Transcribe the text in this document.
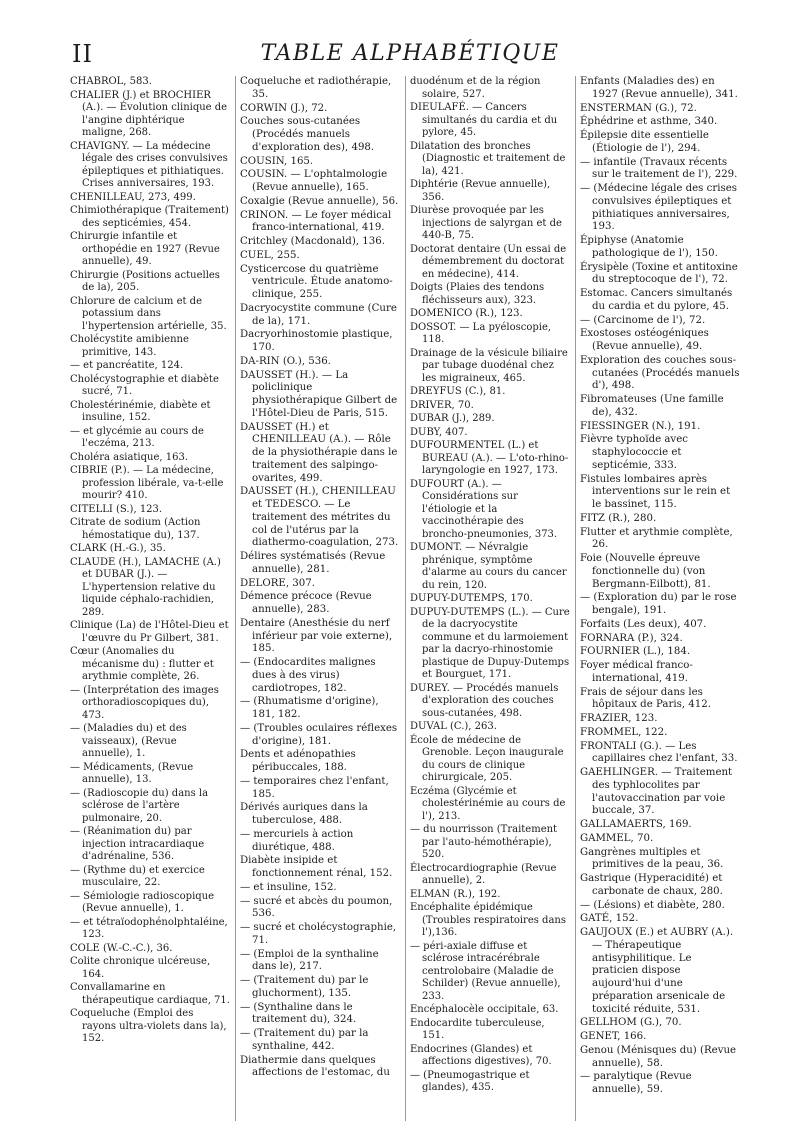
II	TABLE ALPHABÉTIQUE
CHABROL, 583.
CHALIER (J.) et BROCHIER (A.). — Évolution clinique de l'angine diphtérique maligne, 268.
CHAVIGNY. — La médecine légale des crises convulsives épileptiques et pithiatiques. Crises anniversaires, 193.
CHENILLEAU, 273, 499.
Chimiothérapique (Traitement) des septicémies, 454.
Chirurgie infantile et orthopédie en 1927 (Revue annuelle), 49.
Chirurgie (Positions actuelles de la), 205.
Chlorure de calcium et de potassium dans l'hypertension artérielle, 35.
Cholécystite amibienne primitive, 143.
— et pancréatite, 124.
Cholécystographie et diabète sucré, 71.
Cholestérinémie, diabète et insuline, 152.
— et glycémie au cours de l'eczéma, 213.
Choléra asiatique, 163.
CIBRIE (P.). — La médecine, profession libérale, va-t-elle mourir? 410.
CITELLI (S.), 123.
Citrate de sodium (Action hémostatique du), 137.
CLARK (H.-G.), 35.
CLAUDE (H.), LAMACHE (A.) et DUBAR (J.). — L'hypertension relative du liquide céphalo-rachidien, 289.
Clinique (La) de l'Hôtel-Dieu et l'œuvre du Pr Gilbert, 381.
Cœur (Anomalies du mécanisme du) : flutter et arythmie complète, 26.
— (Interprétation des images orthoradioscopiques du), 473.
— (Maladies du) et des vaisseaux), (Revue annuelle), 1.
— Médicaments, (Revue annuelle), 13.
— (Radioscopie du) dans la sclérose de l'artère pulmonaire, 20.
— (Réanimation du) par injection intracardiaque d'adrénaline, 536.
— (Rythme du) et exercice musculaire, 22.
— Sémiologie radioscopique (Revue annuelle), 1.
— et tétraïodophénolphtaléine, 123.
COLE (W.-C.-C.), 36.
Colite chronique ulcéreuse, 164.
Convallamarine en thérapeutique cardiaque, 71.
Coqueluche (Emploi des rayons ultra-violets dans la), 152.
Coqueluche et radiothérapie, 35.
CORWIN (J.), 72.
Couches sous-cutanées (Procédés manuels d'exploration des), 498.
COUSIN, 165.
COUSIN. — L'ophtalmologie (Revue annuelle), 165.
Coxalgie (Revue annuelle), 56.
CRINON. — Le foyer médical franco-international, 419.
Critchley (Macdonald), 136.
CUEL, 255.
Cysticercose du quatrième ventricule. Étude anatomo-clinique, 255.
Dacryocystite commune (Cure de la), 171.
Dacryorhinostomie plastique, 170.
DA-RIN (O.), 536.
DAUSSET (H.). — La policlinique physiothérapique Gilbert de l'Hôtel-Dieu de Paris, 515.
DAUSSET (H.) et CHENILLEAU (A.). — Rôle de la physiothérapie dans le traitement des salpingo-ovarites, 499.
DAUSSET (H.), CHENILLEAU et TEDESCO. — Le traitement des métrites du col de l'utérus par la diathermo-coagulation, 273.
Délires systématisés (Revue annuelle), 281.
DELORE, 307.
Démence précoce (Revue annuelle), 283.
Dentaire (Anesthésie du nerf inférieur par voie externe), 185.
— (Endocardites malignes dues à des virus) cardiotropes, 182.
— (Rhumatisme d'origine), 181, 182.
— (Troubles oculaires réflexes d'origine), 181.
Dents et adénopathies péribuccales, 188.
— temporaires chez l'enfant, 185.
Dérivés auriques dans la tuberculose, 488.
— mercuriels à action diurétique, 488.
Diabète insipide et fonctionnement rénal, 152.
— et insuline, 152.
— sucré et abcès du poumon, 536.
— sucré et cholécystographie, 71.
— (Emploi de la synthaline dans le), 217.
— (Traitement du) par le gluchorment), 135.
— (Synthaline dans le traitement du), 324.
— (Traitement du) par la synthaline, 442.
Diathermie dans quelques affections de l'estomac, du
duodénum et de la région solaire, 527.
DIEULAFÉ. — Cancers simultanés du cardia et du pylore, 45.
Dilatation des bronches (Diagnostic et traitement de la), 421.
Diphtérie (Revue annuelle), 356.
Diurèse provoquée par les injections de salyrgan et de 440-B, 75.
Doctorat dentaire (Un essai de démembrement du doctorat en médecine), 414.
Doigts (Plaies des tendons fléchisseurs aux), 323.
DOMENICO (R.), 123.
DOSSOT. — La pyéloscopie, 118.
Drainage de la vésicule biliaire par tubage duodénal chez les migraineux, 465.
DREYFUS (C.), 81.
DRIVER, 70.
DUBAR (J.), 289.
DUBY, 407.
DUFOURMENTEL (L.) et BUREAU (A.). — L'oto-rhino-laryngologie en 1927, 173.
DUFOURT (A.). — Considérations sur l'étiologie et la vaccinothérapie des broncho-pneumonies, 373.
DUMONT. — Névralgie phrénique, symptôme d'alarme au cours du cancer du rein, 120.
DUPUY-DUTEMPS, 170.
DUPUY-DUTEMPS (L.). — Cure de la dacryocystite commune et du larmoiement par la dacryo-rhinostomie plastique de Dupuy-Dutemps et Bourguet, 171.
DUREY. — Procédés manuels d'exploration des couches sous-cutanées, 498.
DUVAL (C.), 263.
École de médecine de Grenoble. Leçon inaugurale du cours de clinique chirurgicale, 205.
Eczéma (Glycémie et cholestérinémie au cours de l'), 213.
— du nourrisson (Traitement par l'auto-hémothérapie), 520.
Électrocardiographie (Revue annuelle), 2.
ELMAN (R.), 192.
Encéphalite épidémique (Troubles respiratoires dans l'),136.
— péri-axiale diffuse et sclérose intracérébrale centrolobaire (Maladie de Schilder) (Revue annuelle), 233.
Encéphalocèle occipitale, 63.
Endocardite tuberculeuse, 151.
Endocrines (Glandes) et affections digestives), 70.
— (Pneumogastrique et glandes), 435.
Enfants (Maladies des) en 1927 (Revue annuelle), 341.
ENSTERMAN (G.), 72.
Éphédrine et asthme, 340.
Épilepsie dite essentielle (Étiologie de l'), 294.
— infantile (Travaux récents sur le traitement de l'), 229.
— (Médecine légale des crises convulsives épileptiques et pithiatiques anniversaires, 193.
Épiphyse (Anatomie pathologique de l'), 150.
Érysipèle (Toxine et antitoxine du streptocoque de l'), 72.
Estomac. Cancers simultanés du cardia et du pylore, 45.
— (Carcinome de l'), 72.
Exostoses ostéogéniques (Revue annuelle), 49.
Exploration des couches sous-cutanées (Procédés manuels d'), 498.
Fibromateuses (Une famille de), 432.
FIESSINGER (N.), 191.
Fièvre typhoïde avec staphylococcie et septicémie, 333.
Fistules lombaires après interventions sur le rein et le bassinet, 115.
FITZ (R.), 280.
Flutter et arythmie complète, 26.
Foie (Nouvelle épreuve fonctionnelle du) (von Bergmann-Eilbott), 81.
— (Exploration du) par le rose bengale), 191.
Forfaits (Les deux), 407.
FORNARA (P.), 324.
FOURNIER (L.), 184.
Foyer médical franco-international, 419.
Frais de séjour dans les hôpitaux de Paris, 412.
FRAZIER, 123.
FROMMEL, 122.
FRONTALI (G.). — Les capillaires chez l'enfant, 33.
GAEHLINGER. — Traitement des typhlocolites par l'autovaccination par voie buccale, 37.
GALLAMAERTS, 169.
GAMMEL, 70.
Gangrènes multiples et primitives de la peau, 36.
Gastrique (Hyperacidité) et carbonate de chaux, 280.
— (Lésions) et diabète, 280.
GATÉ, 152.
GAUJOUX (E.) et AUBRY (A.). — Thérapeutique antisyphilitique. Le praticien dispose aujourd'hui d'une préparation arsenicale de toxicité réduite, 531.
GELLHOM (G.), 70.
GENET, 166.
Genou (Ménisques du) (Revue annuelle), 58.
— paralytique (Revue annuelle), 59.
